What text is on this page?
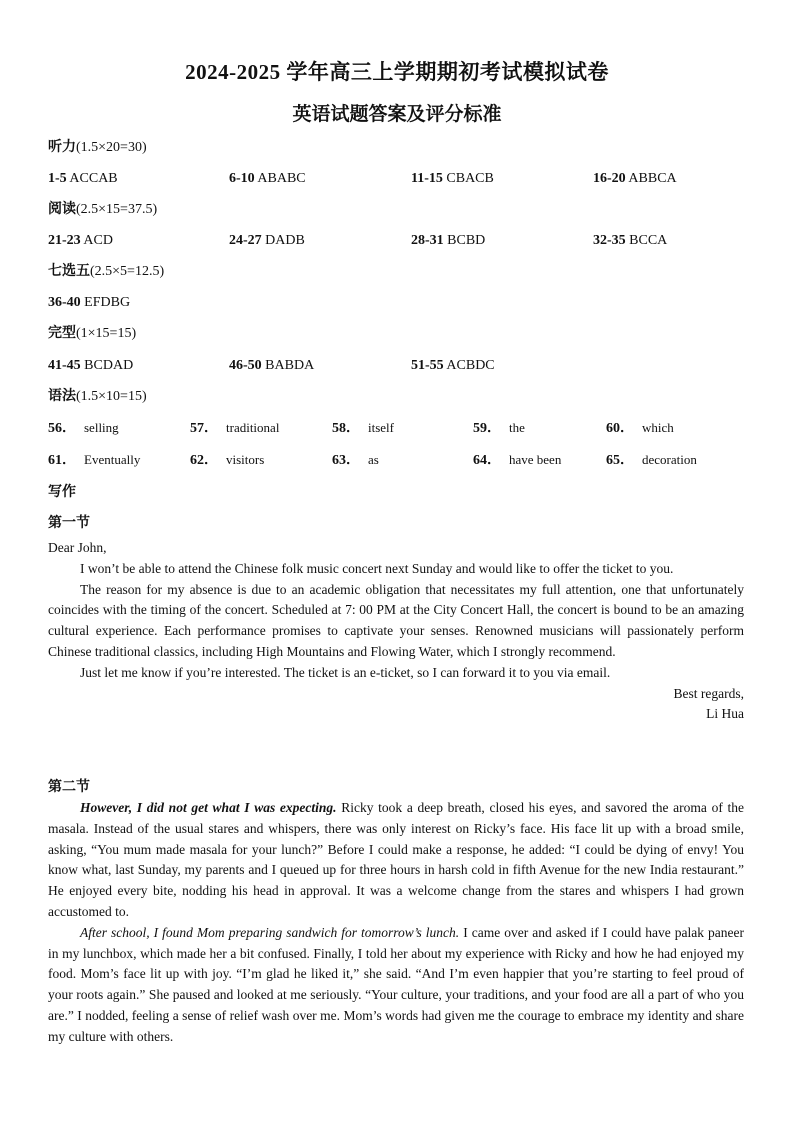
2024-2025 学年高三上学期期初考试模拟试卷
英语试题答案及评分标准
听力(1.5×20=30)
1-5 ACCAB	6-10 ABABC	11-15 CBACB	16-20 ABBCA
阅读(2.5×15=37.5)
21-23 ACD	24-27 DADB	28-31 BCBD	32-35 BCCA
七选五(2.5×5=12.5)
36-40 EFDBG
完型(1×15=15)
41-45 BCDAD	46-50 BABDA	51-55 ACBDC
语法(1.5×10=15)
56． selling	57． traditional	58． itself	59． the	60． which
61． Eventually	62． visitors	63． as	64． have been	65． decoration
写作
第一节

Dear John,

I won’t be able to attend the Chinese folk music concert next Sunday and would like to offer the ticket to you.

The reason for my absence is due to an academic obligation that necessitates my full attention, one that unfortunately coincides with the timing of the concert. Scheduled at 7: 00 PM at the City Concert Hall, the concert is bound to be an amazing cultural experience. Each performance promises to captivate your senses. Renowned musicians will passionately perform Chinese traditional classics, including High Mountains and Flowing Water, which I strongly recommend.

Just let me know if you’re interested. The ticket is an e-ticket, so I can forward it to you via email.

Best regards,

Li Hua

第二节

However, I did not get what I was expecting. Ricky took a deep breath, closed his eyes, and savored the aroma of the masala. Instead of the usual stares and whispers, there was only interest on Ricky’s face. His face lit up with a broad smile, asking, “You mum made masala for your lunch?” Before I could make a response, he added: “I could be dying of envy! You know what, last Sunday, my parents and I queued up for three hours in harsh cold in fifth Avenue for the new India restaurant.” He enjoyed every bite, nodding his head in approval. It was a welcome change from the stares and whispers I had grown accustomed to.

After school, I found Mom preparing sandwich for tomorrow’s lunch. I came over and asked if I could have palak paneer in my lunchbox, which made her a bit confused. Finally, I told her about my experience with Ricky and how he had enjoyed my food. Mom’s face lit up with joy. “I’m glad he liked it,” she said. “And I’m even happier that you’re starting to feel proud of your roots again.” She paused and looked at me seriously. “Your culture, your traditions, and your food are all a part of who you are.” I nodded, feeling a sense of relief wash over me. Mom’s words had given me the courage to embrace my identity and share my culture with others.
